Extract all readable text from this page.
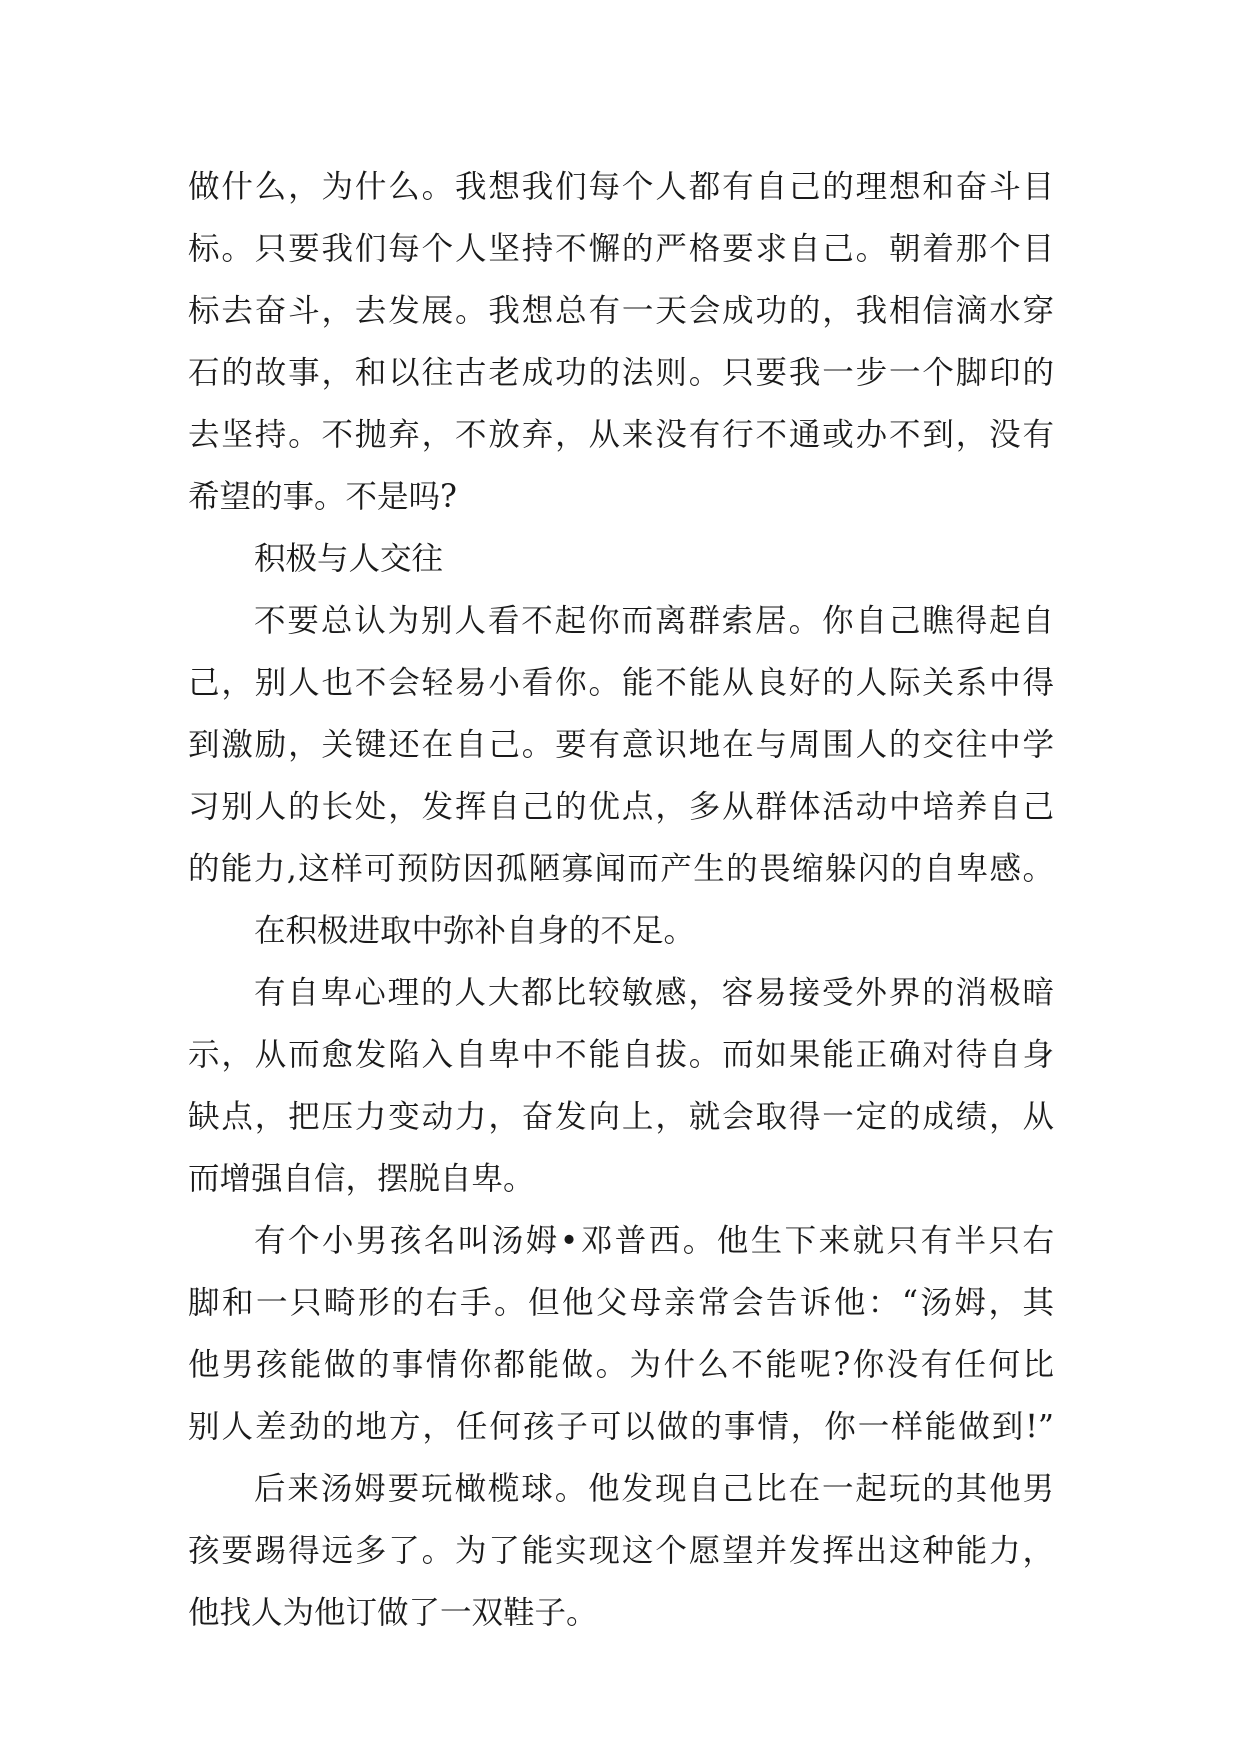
做什么，为什么。我想我们每个人都有自己的理想和奋斗目
标。只要我们每个人坚持不懈的严格要求自己。朝着那个目
标去奋斗，去发展。我想总有一天会成功的，我相信滴水穿
石的故事，和以往古老成功的法则。只要我一步一个脚印的
去坚持。不抛弃，不放弃，从来没有行不通或办不到，没有
希望的事。不是吗?
积极与人交往
不要总认为别人看不起你而离群索居。你自己瞧得起自
己，别人也不会轻易小看你。能不能从良好的人际关系中得
到激励，关键还在自己。要有意识地在与周围人的交往中学
习别人的长处，发挥自己的优点，多从群体活动中培养自己
的能力,这样可预防因孤陋寡闻而产生的畏缩躲闪的自卑感。
在积极进取中弥补自身的不足。
有自卑心理的人大都比较敏感，容易接受外界的消极暗
示，从而愈发陷入自卑中不能自拔。而如果能正确对待自身
缺点，把压力变动力，奋发向上，就会取得一定的成绩，从
而增强自信，摆脱自卑。
有个小男孩名叫汤姆•邓普西。他生下来就只有半只右
脚和一只畸形的右手。但他父母亲常会告诉他：“汤姆，其
他男孩能做的事情你都能做。为什么不能呢?你没有任何比
别人差劲的地方，任何孩子可以做的事情，你一样能做到!”
后来汤姆要玩橄榄球。他发现自己比在一起玩的其他男
孩要踢得远多了。为了能实现这个愿望并发挥出这种能力，
他找人为他订做了一双鞋子。
